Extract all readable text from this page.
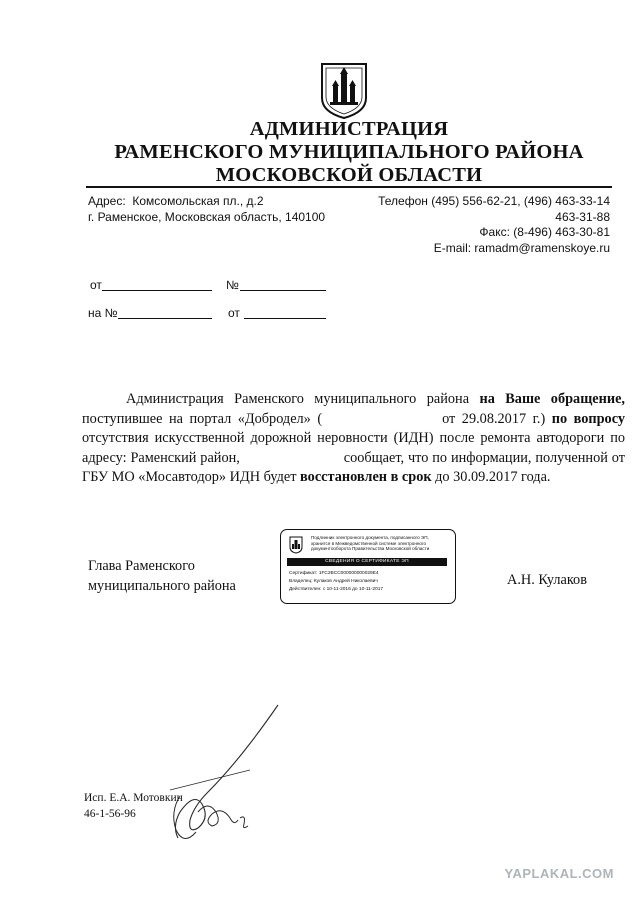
АДМИНИСТРАЦИЯ
РАМЕНСКОГО МУНИЦИПАЛЬНОГО РАЙОНА
МОСКОВСКОЙ ОБЛАСТИ
Адрес: Комсомольская пл., д.2
г. Раменское, Московская область, 140100
Телефон (495) 556-62-21, (496) 463-33-14
463-31-88
Факс: (8-496) 463-30-81
E-mail: ramadm@ramenskoye.ru
от	№
на №	от

Администрация Раменского муниципального района на Ваше обращение, поступившее на портал «Добродел» (	от 29.08.2017 г.) по вопросу отсутствия искусственной дорожной неровности (ИДН) после ремонта автодороги по адресу: Раменский район,	сообщает, что по информации, полученной от ГБУ МО «Мосавтодор» ИДН будет восстановлен в срок до 30.09.2017 года.

Глава Раменского
муниципального района	А.Н. Кулаков
Подлинник электронного документа, подписанного ЭП,
хранится в Межведомственной системе электронного
документооборота Правительства Московской области
СВЕДЕНИЯ О СЕРТИФИКАТЕ ЭП
Сертификат: 1FC2BCC000000000029E4
Владелец: Кулаков Андрей Николаевич
Действителен: с 10-11-2016 до 10-11-2017
Исп. Е.А. Мотовкин
46-1-56-96
YAPLAKAL.COM
